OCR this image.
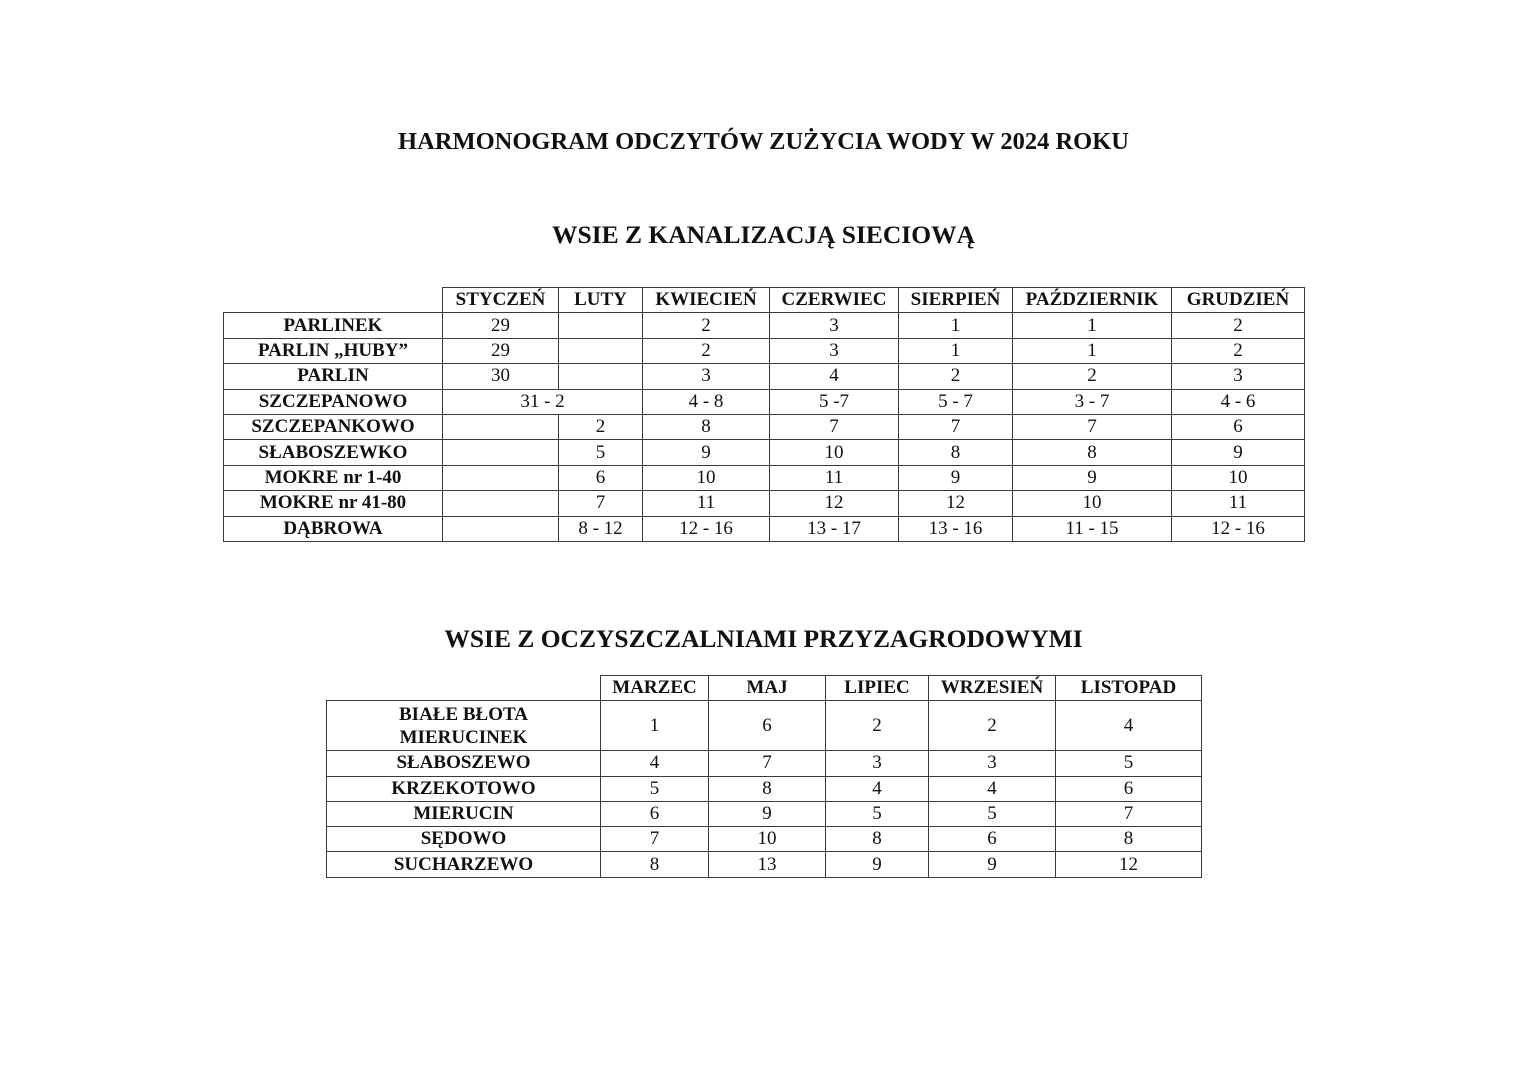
HARMONOGRAM ODCZYTÓW ZUŻYCIA WODY W 2024 ROKU
WSIE Z KANALIZACJĄ SIECIOWĄ
	STYCZEŃ	LUTY	KWIECIEŃ	CZERWIEC	SIERPIEŃ	PAŹDZIERNIK	GRUDZIEŃ
PARLINEK	29		2	3	1	1	2
PARLIN „HUBY”	29		2	3	1	1	2
PARLIN	30		3	4	2	2	3
SZCZEPANOWO	31 - 2		4 - 8	5 -7	5 - 7	3 - 7	4 - 6
SZCZEPANKOWO		2	8	7	7	7	6
SŁABOSZEWKO		5	9	10	8	8	9
MOKRE nr 1-40		6	10	11	9	9	10
MOKRE nr 41-80		7	11	12	12	10	11
DĄBROWA		8 - 12	12 - 16	13 - 17	13 - 16	11 - 15	12 - 16
WSIE Z OCZYSZCZALNIAMI PRZYZAGRODOWYMI
	MARZEC	MAJ	LIPIEC	WRZESIEŃ	LISTOPAD
BIAŁE BŁOTA
MIERUCINEK	1	6	2	2	4
SŁABOSZEWO	4	7	3	3	5
KRZEKOTOWO	5	8	4	4	6
MIERUCIN	6	9	5	5	7
SĘDOWO	7	10	8	6	8
SUCHARZEWO	8	13	9	9	12
